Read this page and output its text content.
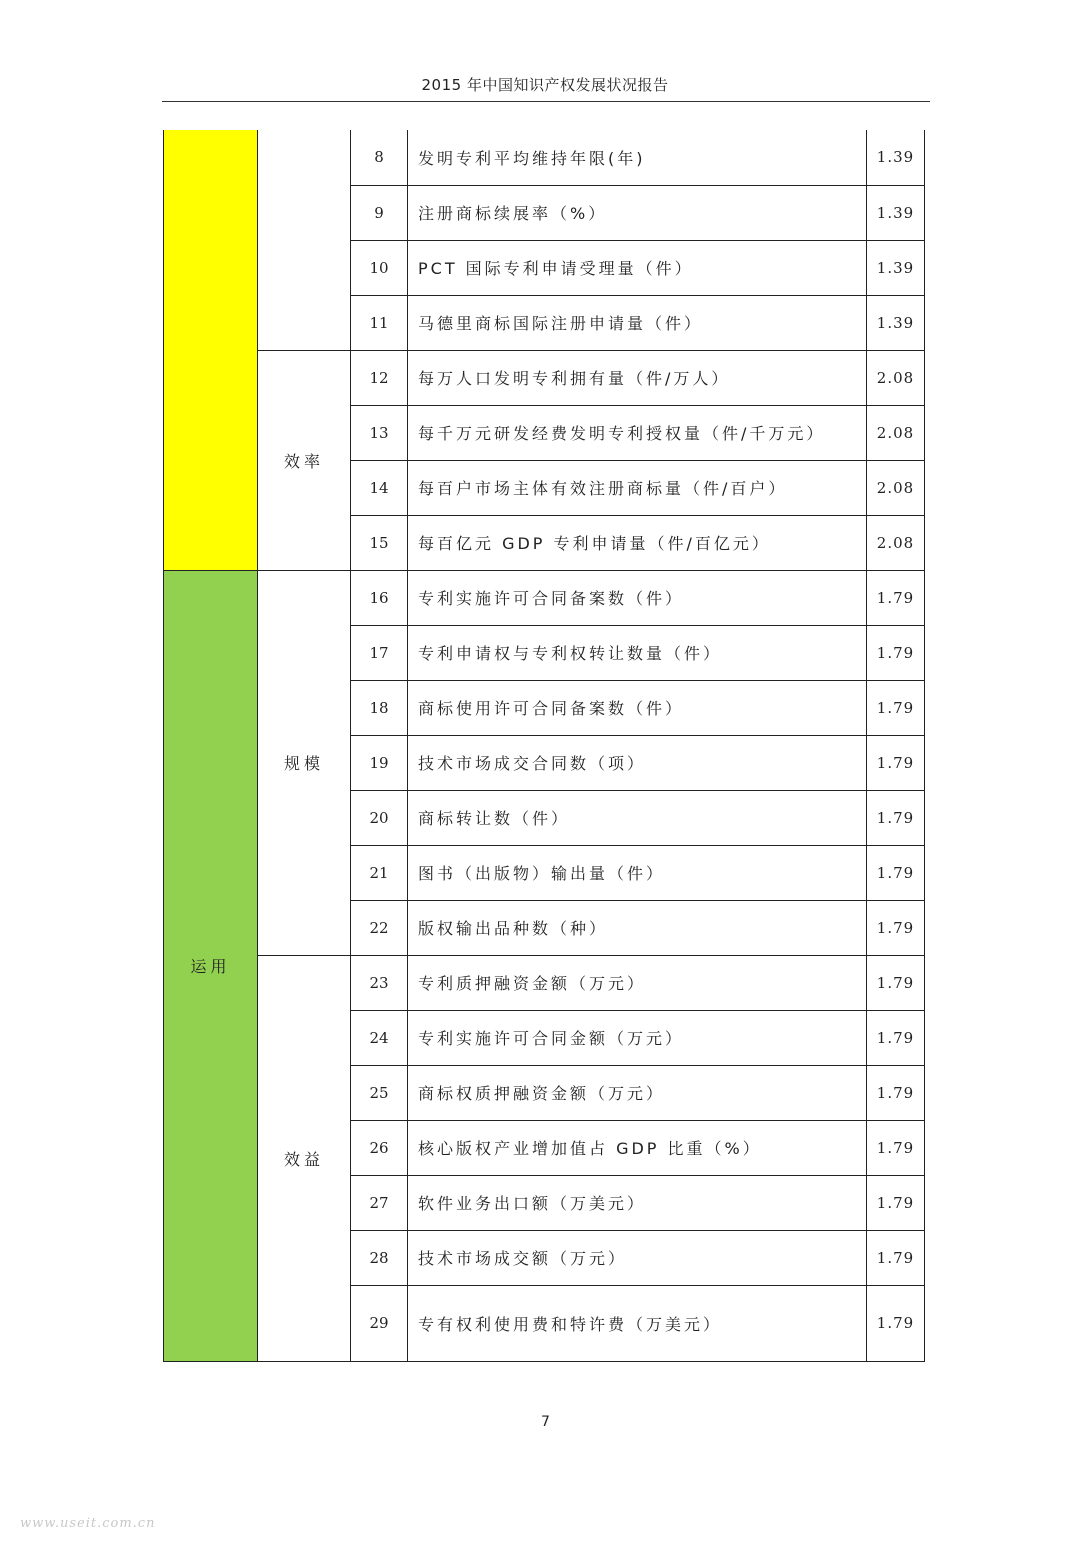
2015 年中国知识产权发展状况报告
		8	发明专利平均维持年限(年)	1.39
		9	注册商标续展率（%）	1.39
		10	PCT 国际专利申请受理量（件）	1.39
		11	马德里商标国际注册申请量（件）	1.39
	效率	12	每万人口发明专利拥有量（件/万人）	2.08
		13	每千万元研发经费发明专利授权量（件/千万元）	2.08
		14	每百户市场主体有效注册商标量（件/百户）	2.08
		15	每百亿元 GDP 专利申请量（件/百亿元）	2.08
运用	规模	16	专利实施许可合同备案数（件）	1.79
		17	专利申请权与专利权转让数量（件）	1.79
		18	商标使用许可合同备案数（件）	1.79
		19	技术市场成交合同数（项）	1.79
		20	商标转让数（件）	1.79
		21	图书（出版物）输出量（件）	1.79
		22	版权输出品种数（种）	1.79
	效益	23	专利质押融资金额（万元）	1.79
		24	专利实施许可合同金额（万元）	1.79
		25	商标权质押融资金额（万元）	1.79
		26	核心版权产业增加值占 GDP 比重（%）	1.79
		27	软件业务出口额（万美元）	1.79
		28	技术市场成交额（万元）	1.79
		29	专有权利使用费和特许费（万美元）	1.79
7
www.useit.com.cn
